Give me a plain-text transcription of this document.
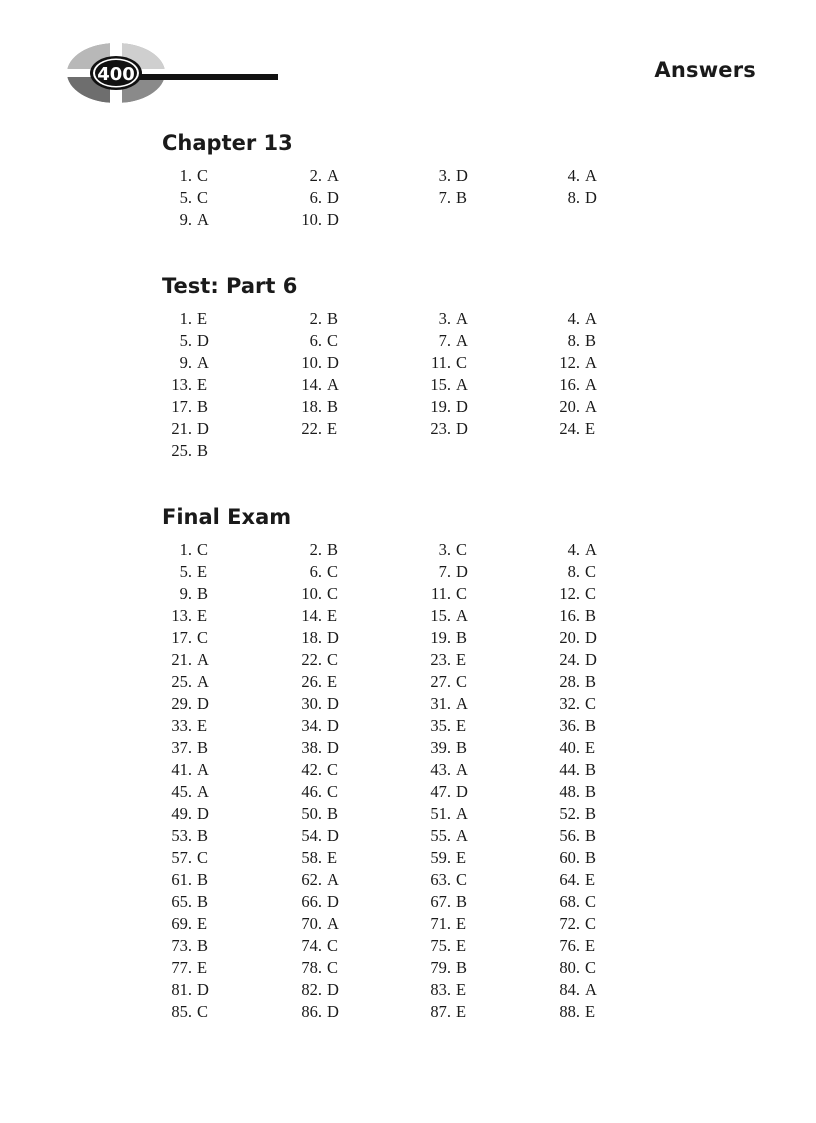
400	Answers
Chapter 13
1. C	2. A	3. D	4. A
5. C	6. D	7. B	8. D
9. A	10. D
Test: Part 6
1. E	2. B	3. A	4. A
5. D	6. C	7. A	8. B
9. A	10. D	11. C	12. A
13. E	14. A	15. A	16. A
17. B	18. B	19. D	20. A
21. D	22. E	23. D	24. E
25. B
Final Exam
1. C	2. B	3. C	4. A
5. E	6. C	7. D	8. C
9. B	10. C	11. C	12. C
13. E	14. E	15. A	16. B
17. C	18. D	19. B	20. D
21. A	22. C	23. E	24. D
25. A	26. E	27. C	28. B
29. D	30. D	31. A	32. C
33. E	34. D	35. E	36. B
37. B	38. D	39. B	40. E
41. A	42. C	43. A	44. B
45. A	46. C	47. D	48. B
49. D	50. B	51. A	52. B
53. B	54. D	55. A	56. B
57. C	58. E	59. E	60. B
61. B	62. A	63. C	64. E
65. B	66. D	67. B	68. C
69. E	70. A	71. E	72. C
73. B	74. C	75. E	76. E
77. E	78. C	79. B	80. C
81. D	82. D	83. E	84. A
85. C	86. D	87. E	88. E
